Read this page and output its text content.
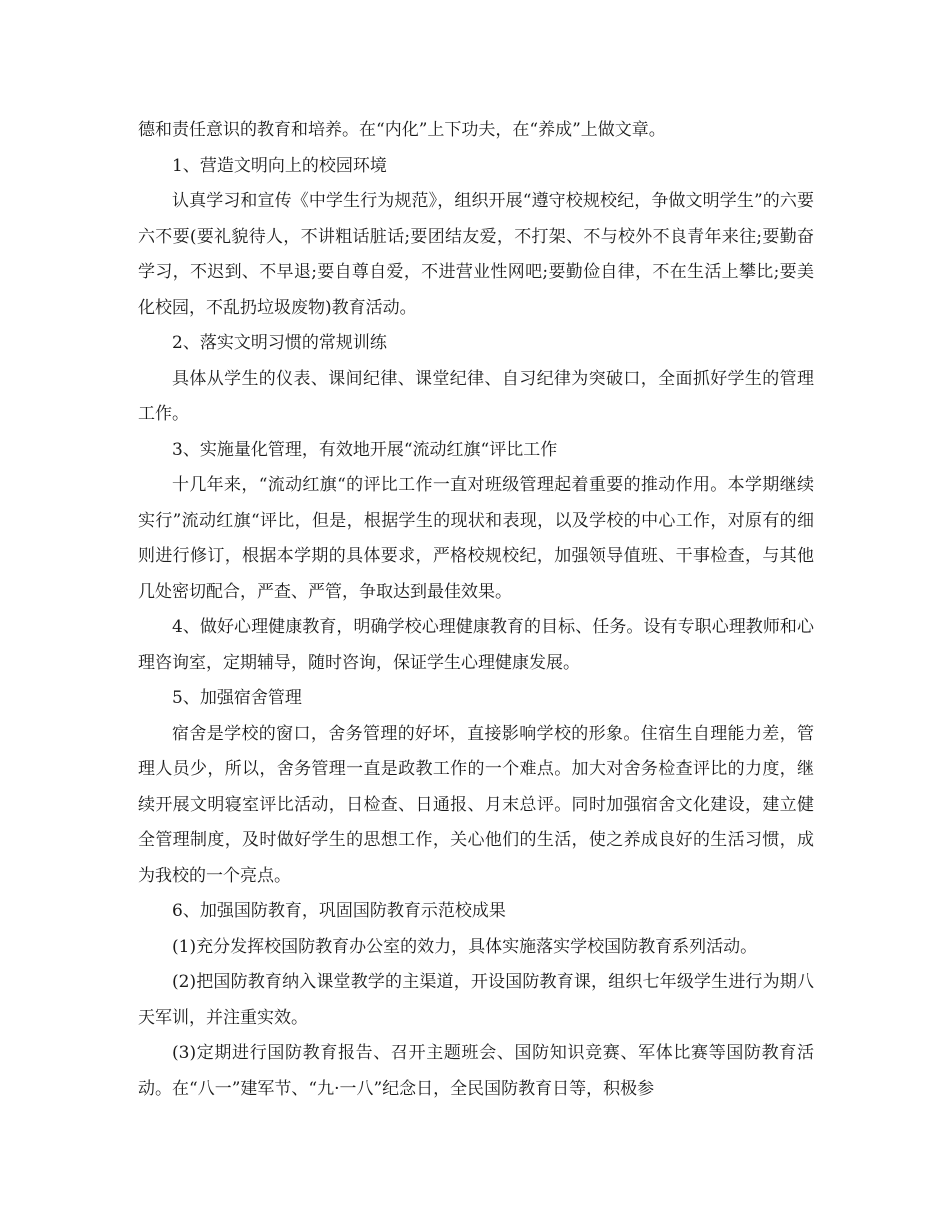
德和责任意识的教育和培养。在“内化”上下功夫，在“养成”上做文章。

1、营造文明向上的校园环境

认真学习和宣传《中学生行为规范》，组织开展“遵守校规校纪，争做文明学生”的六要六不要(要礼貌待人，不讲粗话脏话;要团结友爱，不打架、不与校外不良青年来往;要勤奋学习，不迟到、不早退;要自尊自爱，不进营业性网吧;要勤俭自律，不在生活上攀比;要美化校园，不乱扔垃圾废物)教育活动。

2、落实文明习惯的常规训练

具体从学生的仪表、课间纪律、课堂纪律、自习纪律为突破口，全面抓好学生的管理工作。

3、实施量化管理，有效地开展“流动红旗“评比工作

十几年来，“流动红旗“的评比工作一直对班级管理起着重要的推动作用。本学期继续实行”流动红旗“评比，但是，根据学生的现状和表现，以及学校的中心工作，对原有的细则进行修订，根据本学期的具体要求，严格校规校纪，加强领导值班、干事检查，与其他几处密切配合，严查、严管，争取达到最佳效果。

4、做好心理健康教育，明确学校心理健康教育的目标、任务。设有专职心理教师和心理咨询室，定期辅导，随时咨询，保证学生心理健康发展。

5、加强宿舍管理

宿舍是学校的窗口，舍务管理的好坏，直接影响学校的形象。住宿生自理能力差，管理人员少，所以，舍务管理一直是政教工作的一个难点。加大对舍务检查评比的力度，继续开展文明寝室评比活动，日检查、日通报、月末总评。同时加强宿舍文化建设，建立健全管理制度，及时做好学生的思想工作，关心他们的生活，使之养成良好的生活习惯，成为我校的一个亮点。

6、加强国防教育，巩固国防教育示范校成果

(1)充分发挥校国防教育办公室的效力，具体实施落实学校国防教育系列活动。

(2)把国防教育纳入课堂教学的主渠道，开设国防教育课，组织七年级学生进行为期八天军训，并注重实效。

(3)定期进行国防教育报告、召开主题班会、国防知识竞赛、军体比赛等国防教育活动。在“八一”建军节、“九·一八”纪念日，全民国防教育日等，积极参
